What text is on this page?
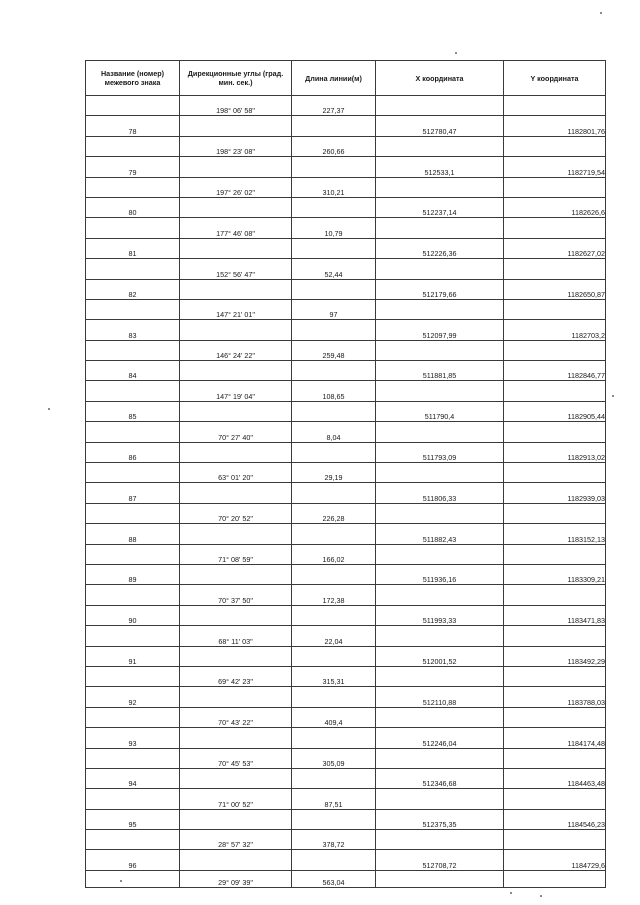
Название (номер) межевого знака	Дирекционные углы (град. мин. сек.)	Длина линии(м)	X координата	Y координата
	198° 06' 58"	227,37		
78			512780,47	1182801,76
	198° 23' 08"	260,66		
79			512533,1	1182719,54
	197° 26' 02"	310,21		
80			512237,14	1182626,6
	177° 46' 08"	10,79		
81			512226,36	1182627,02
	152° 56' 47"	52,44		
82			512179,66	1182650,87
	147° 21' 01"	97		
83			512097,99	1182703,2
	146° 24' 22"	259,48		
84			511881,85	1182846,77
	147° 19' 04"	108,65		
85			511790,4	1182905,44
	70° 27' 40"	8,04		
86			511793,09	1182913,02
	63° 01' 20"	29,19		
87			511806,33	1182939,03
	70° 20' 52"	226,28		
88			511882,43	1183152,13
	71° 08' 59"	166,02		
89			511936,16	1183309,21
	70° 37' 50"	172,38		
90			511993,33	1183471,83
	68° 11' 03"	22,04		
91			512001,52	1183492,29
	69° 42' 23"	315,31		
92			512110,88	1183788,03
	70° 43' 22"	409,4		
93			512246,04	1184174,48
	70° 45' 53"	305,09		
94			512346,68	1184463,48
	71° 00' 52"	87,51		
95			512375,35	1184546,23
	28° 57' 32"	378,72		
96			512708,72	1184729,6
	29° 09' 39"	563,04		
